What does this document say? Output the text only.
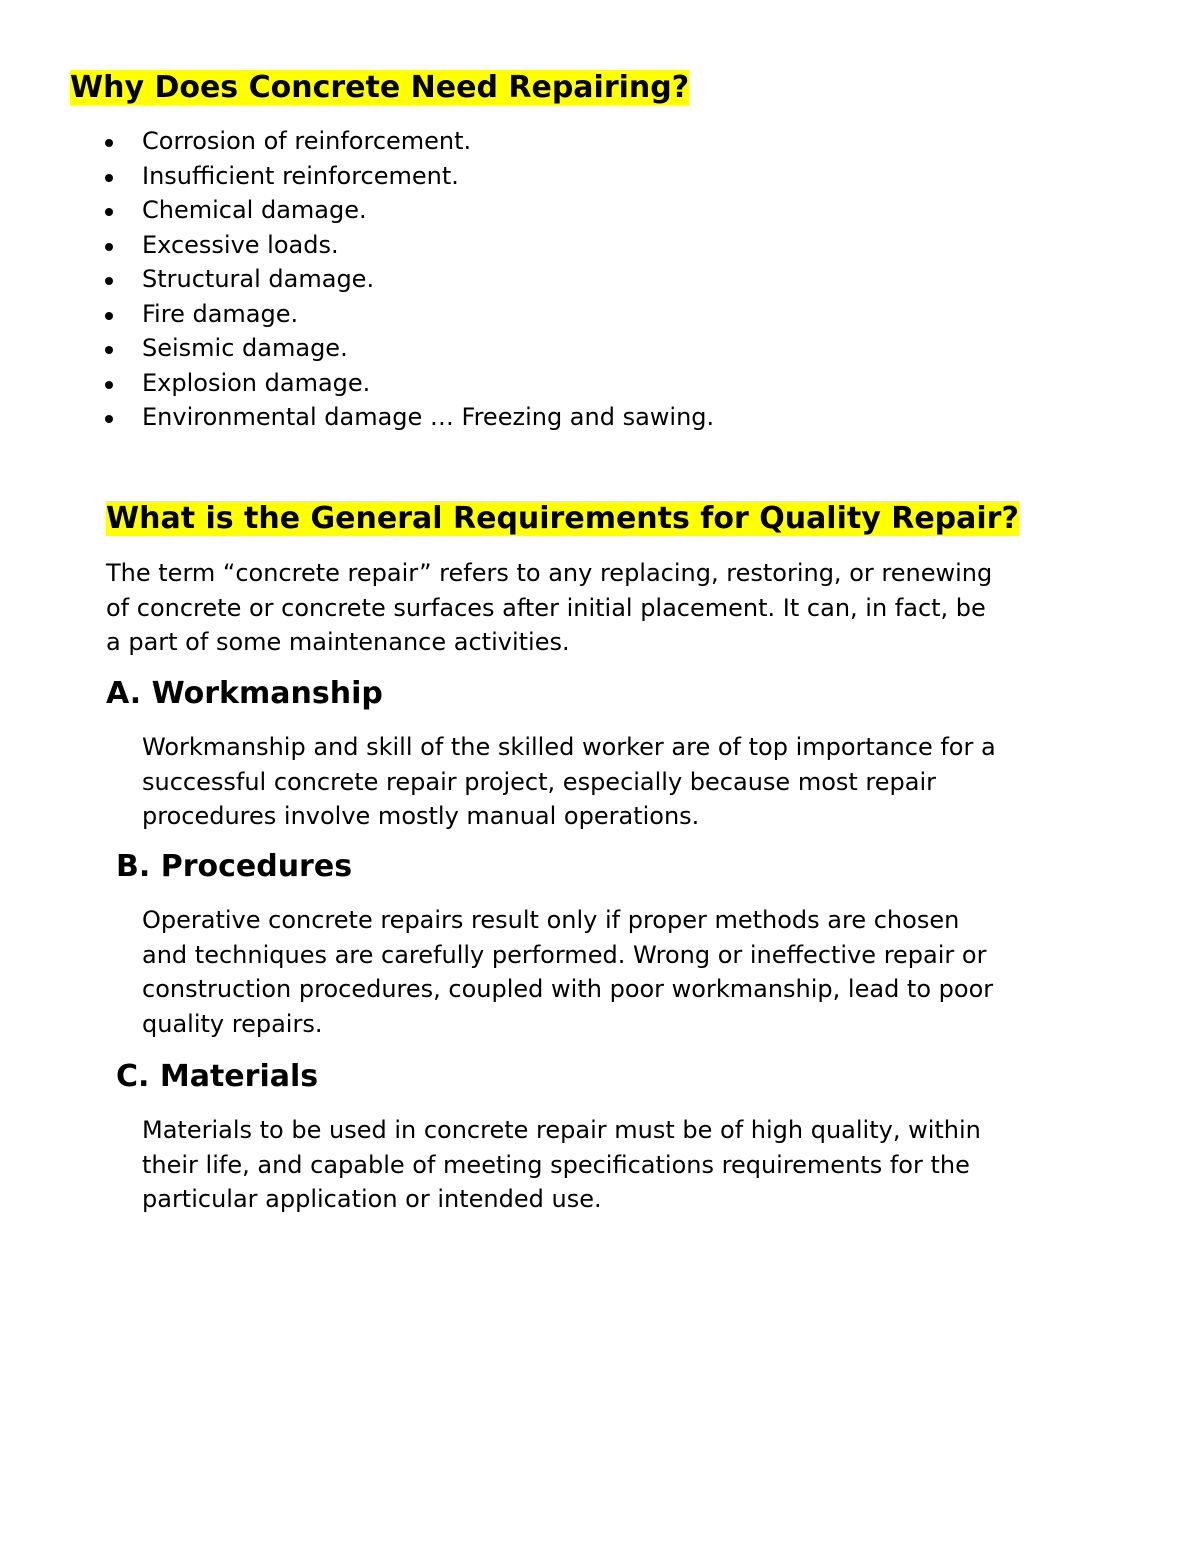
Why Does Concrete Need Repairing?
Corrosion of reinforcement.
Insufficient reinforcement.
Chemical damage.
Excessive loads.
Structural damage.
Fire damage.
Seismic damage.
Explosion damage.
Environmental damage … Freezing and sawing.
What is the General Requirements for Quality Repair?

The term “concrete repair” refers to any replacing, restoring, or renewing
of concrete or concrete surfaces after initial placement. It can, in fact, be
a part of some maintenance activities.

A. Workmanship

Workmanship and skill of the skilled worker are of top importance for a
successful concrete repair project, especially because most repair
procedures involve mostly manual operations.

B. Procedures

Operative concrete repairs result only if proper methods are chosen
and techniques are carefully performed. Wrong or ineffective repair or
construction procedures, coupled with poor workmanship, lead to poor
quality repairs.

C. Materials

Materials to be used in concrete repair must be of high quality, within
their life, and capable of meeting specifications requirements for the
particular application or intended use.
